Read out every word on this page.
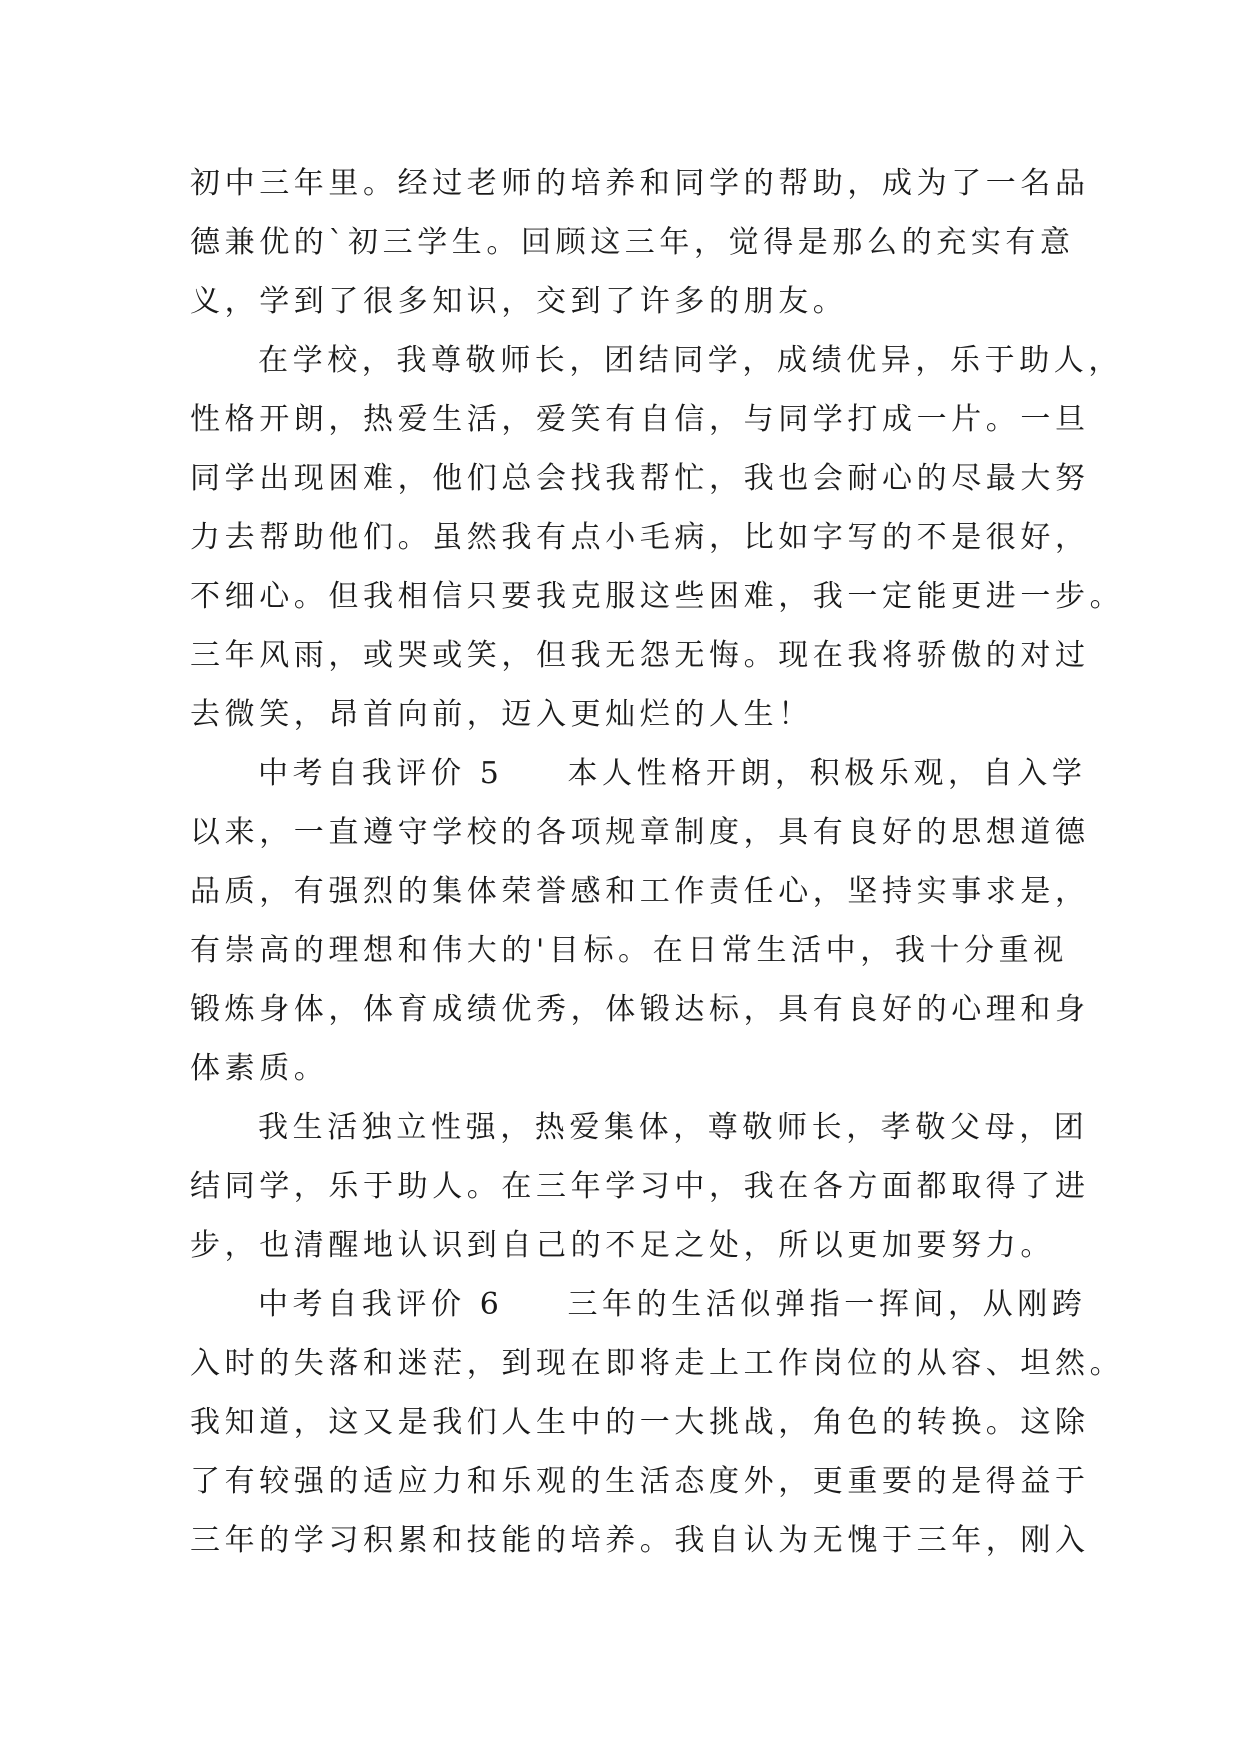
初中三年里。经过老师的培养和同学的帮助，成为了一名品
德兼优的`初三学生。回顾这三年，觉得是那么的充实有意
义，学到了很多知识，交到了许多的朋友。
在学校，我尊敬师长，团结同学，成绩优异，乐于助人，
性格开朗，热爱生活，爱笑有自信，与同学打成一片。一旦
同学出现困难，他们总会找我帮忙，我也会耐心的尽最大努
力去帮助他们。虽然我有点小毛病，比如字写的不是很好，
不细心。但我相信只要我克服这些困难，我一定能更进一步。
三年风雨，或哭或笑，但我无怨无悔。现在我将骄傲的对过
去微笑，昂首向前，迈入更灿烂的人生！
中考自我评价 5 本人性格开朗，积极乐观，自入学
以来，一直遵守学校的各项规章制度，具有良好的思想道德
品质，有强烈的集体荣誉感和工作责任心，坚持实事求是，
有崇高的理想和伟大的'目标。在日常生活中，我十分重视
锻炼身体，体育成绩优秀，体锻达标，具有良好的心理和身
体素质。
我生活独立性强，热爱集体，尊敬师长，孝敬父母，团
结同学，乐于助人。在三年学习中，我在各方面都取得了进
步，也清醒地认识到自己的不足之处，所以更加要努力。
中考自我评价 6 三年的生活似弹指一挥间，从刚跨
入时的失落和迷茫，到现在即将走上工作岗位的从容、坦然。
我知道，这又是我们人生中的一大挑战，角色的转换。这除
了有较强的适应力和乐观的生活态度外，更重要的是得益于
三年的学习积累和技能的培养。我自认为无愧于三年，刚入
